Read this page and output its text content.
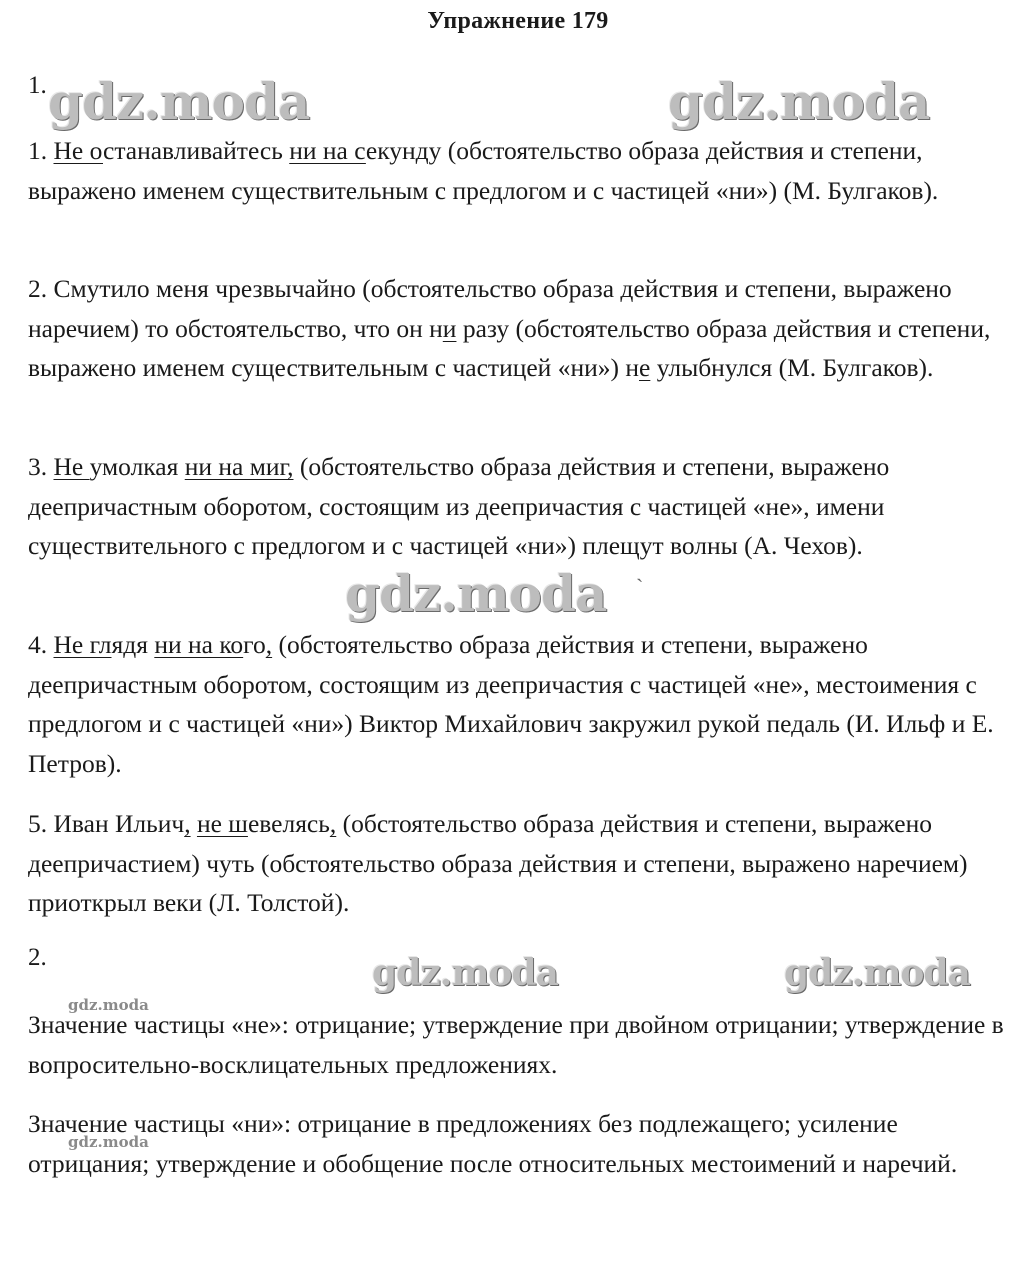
Упражнение 179
1.
1. Не останавливайтесь ни на секунду (обстоятельство образа действия и степени, выражено именем существительным с предлогом и с частицей «ни») (М. Булгаков).
2. Смутило меня чрезвычайно (обстоятельство образа действия и степени, выражено наречием) то обстоятельство, что он ни разу (обстоятельство образа действия и степени, выражено именем существительным с частицей «ни») не улыбнулся (М. Булгаков).
3. Не умолкая ни на миг, (обстоятельство образа действия и степени, выражено деепричастным оборотом, состоящим из деепричастия с частицей «не», имени существительного с предлогом и с частицей «ни») плещут волны (А. Чехов).
4. Не глядя ни на кого, (обстоятельство образа действия и степени, выражено деепричастным оборотом, состоящим из деепричастия с частицей «не», местоимения с предлогом и с частицей «ни») Виктор Михайлович закружил рукой педаль (И. Ильф и Е. Петров).
5. Иван Ильич, не шевелясь, (обстоятельство образа действия и степени, выражено деепричастием) чуть (обстоятельство образа действия и степени, выражено наречием) приоткрыл веки (Л. Толстой).
2.
Значение частицы «не»: отрицание; утверждение при двойном отрицании; утверждение в вопросительно-восклицательных предложениях.
Значение частицы «ни»: отрицание в предложениях без подлежащего; усиление отрицания; утверждение и обобщение после относительных местоимений и наречий.
gdz.moda	gdz.moda
gdz.moda `
gdz.moda	gdz.moda
gdz.moda
gdz.moda
